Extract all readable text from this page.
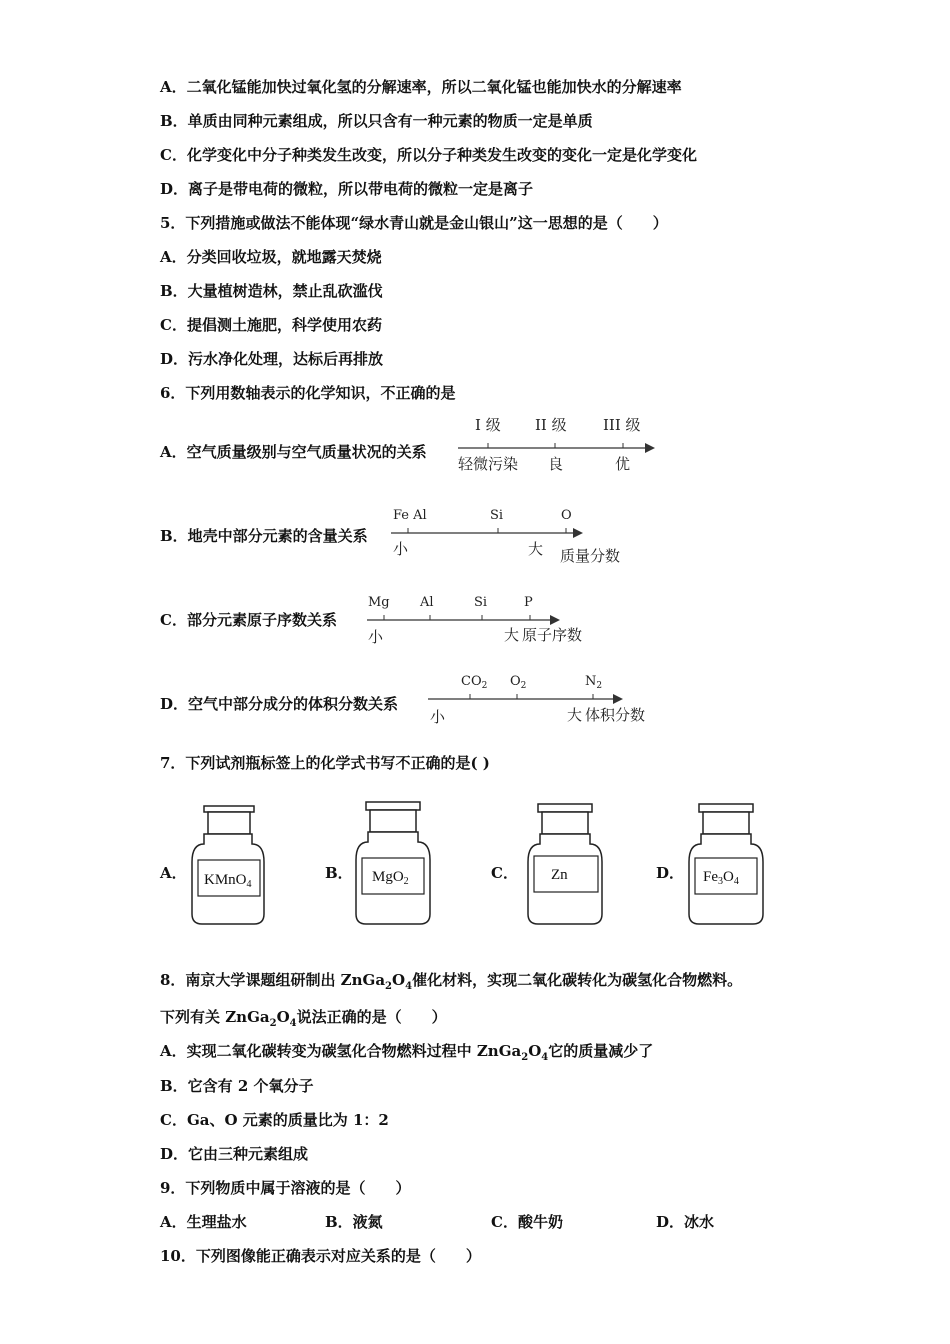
A．二氧化锰能加快过氧化氢的分解速率，所以二氧化锰也能加快水的分解速率
B．单质由同种元素组成，所以只含有一种元素的物质一定是单质
C．化学变化中分子种类发生改变，所以分子种类发生改变的变化一定是化学变化
D．离子是带电荷的微粒，所以带电荷的微粒一定是离子
5．下列措施或做法不能体现“绿水青山就是金山银山”这一思想的是（　　）
A．分类回收垃圾，就地露天焚烧
B．大量植树造林，禁止乱砍滥伐
C．提倡测土施肥，科学使用农药
D．污水净化处理，达标后再排放
6．下列用数轴表示的化学知识，不正确的是
A．空气质量级别与空气质量状况的关系
I 级 II 级 III 级
轻微污染 良	优
B．地壳中部分元素的含量关系
Fe Al	Si	O
小	大 质量分数
C．部分元素原子序数关系
Mg Al	Si	P
小	大 原子序数
D．空气中部分成分的体积分数关系
$CO_2$ $O_2$	$N_2$
小	大 体积分数
7．下列试剂瓶标签上的化学式书写不正确的是( )
A． KMnO$_4$
B． MgO$_2$	C． Zn	D． $Fe_3O_4$
8．南京大学课题组研制出 $ZnGa_2O_4$催化材料，实现二氧化碳转化为碳氢化合物燃料。
下列有关 $ZnGa_2O_4$说法正确的是（　　）
A．实现二氧化碳转变为碳氢化合物燃料过程中 $ZnGa_2O_4$它的质量减少了
B．它含有 2 个氧分子
C．Ga、O 元素的质量比为 1：2
D．它由三种元素组成
9．下列物质中属于溶液的是（　　）
A．生理盐水	B．液氮	C．酸牛奶	D．冰水
10．下列图像能正确表示对应关系的是（　　）
